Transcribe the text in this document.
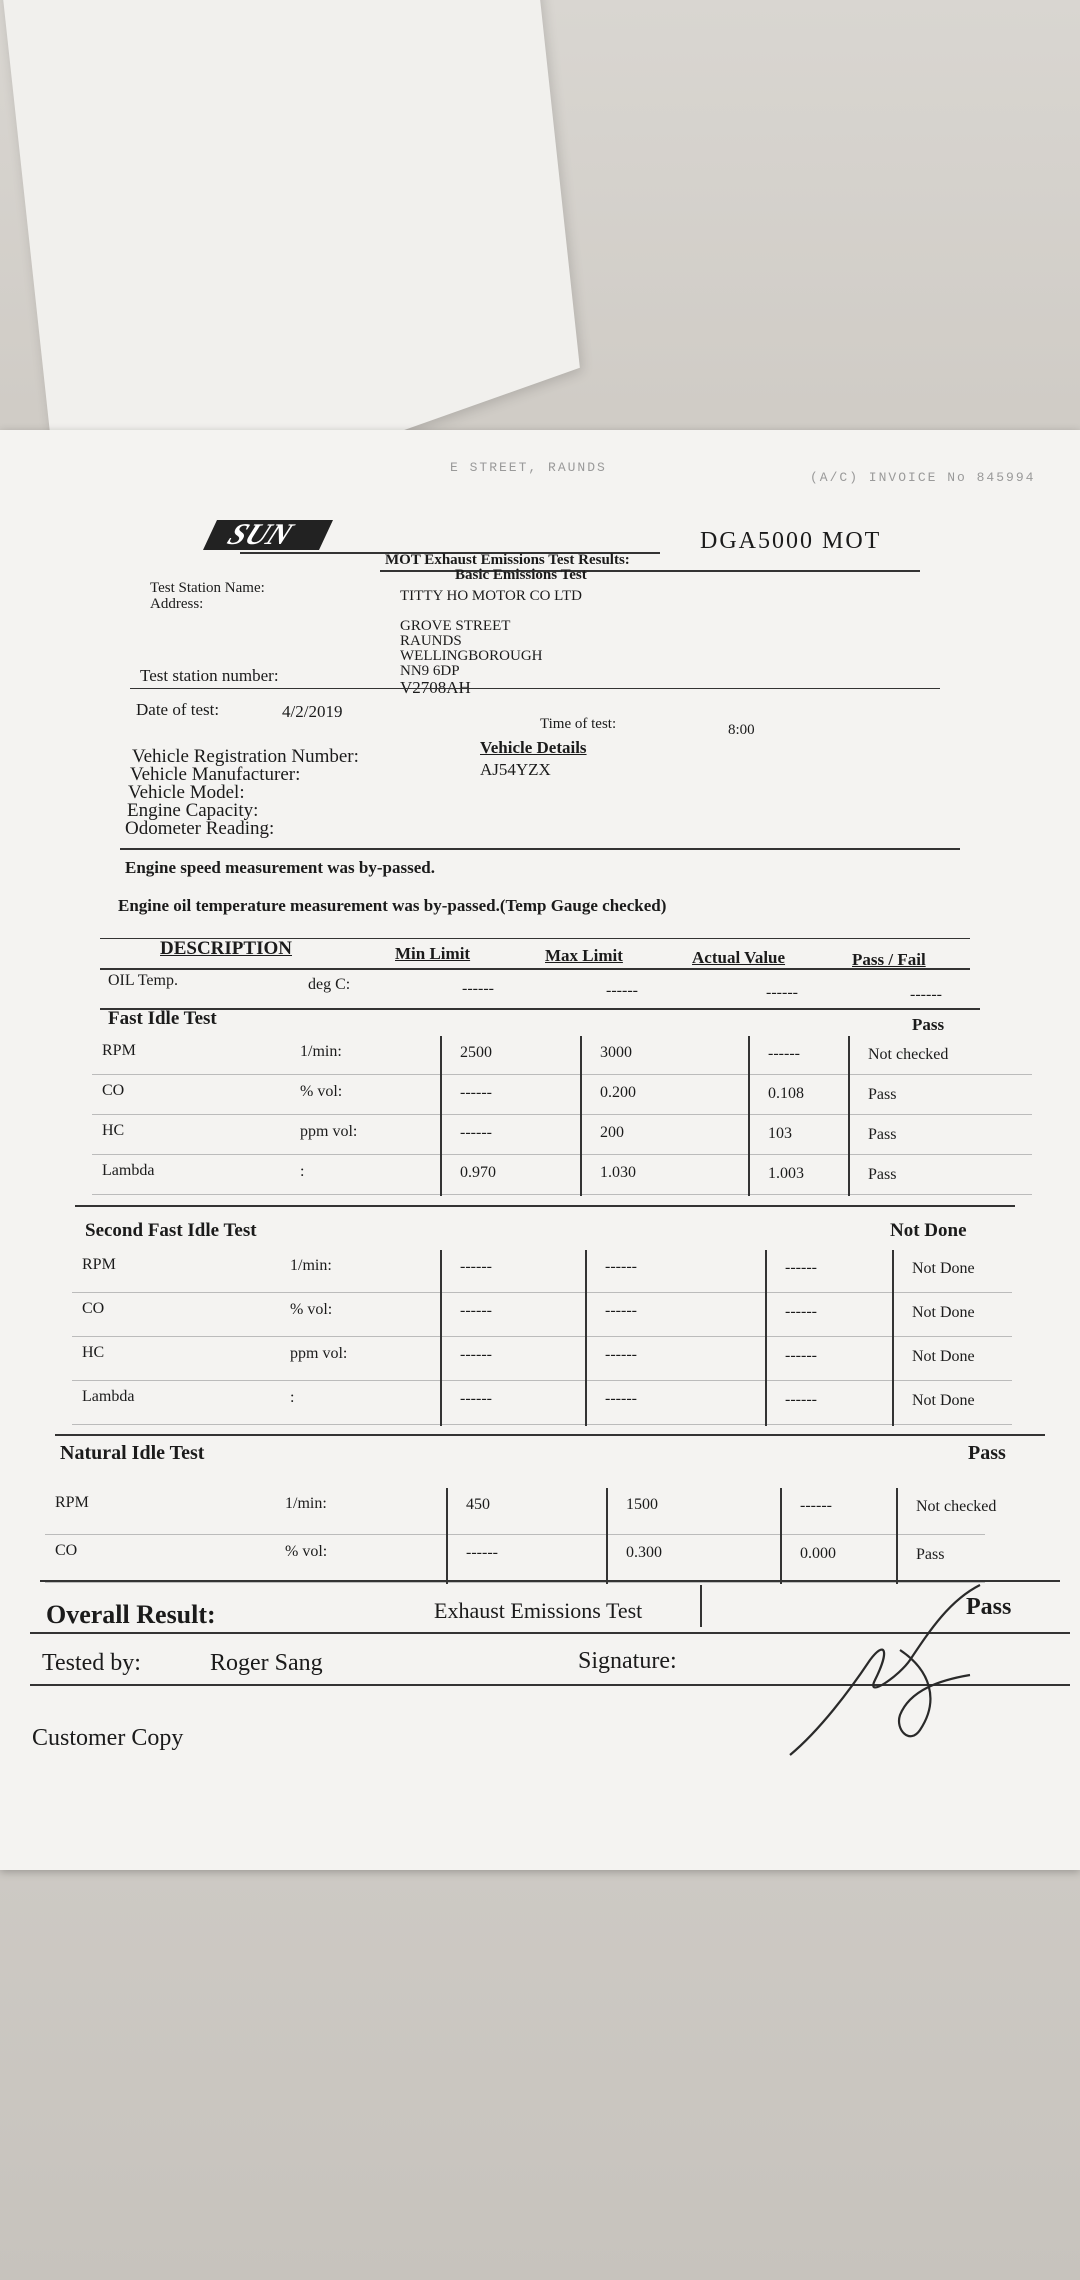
E STREET, RAUNDS
(A/C) INVOICE No 845994
SUN	DGA5000 MOT
MOT Exhaust Emissions Test Results:
Basic Emissions Test
Test Station Name:
Address:	TITTY HO MOTOR CO LTD
GROVE STREET
RAUNDS
WELLINGBOROUGH
NN9 6DP
Test station number:
V2708AH
Date of test:	4/2/2019
Time of test:	8:00
Vehicle Details
AJ54YZX
Vehicle Registration Number:
Vehicle Manufacturer:
Vehicle Model:
Engine Capacity:
Odometer Reading:
Engine speed measurement was by-passed.
Engine oil temperature measurement was by-passed.(Temp Gauge checked)
DESCRIPTION	Min Limit	Max Limit	Actual Value	Pass / Fail
OIL Temp.	deg C:	------	------	------	------
Fast Idle Test	Pass
RPM	1/min:	2500	3000	------	Not checked
CO	% vol:	------	0.200	0.108	Pass
HC	ppm vol:	------	200	103	Pass
Lambda	:	0.970	1.030	1.003	Pass
Second Fast Idle Test	Not Done
RPM	1/min:	------	------	------	Not Done
CO	% vol:	------	------	------	Not Done
HC	ppm vol:	------	------	------	Not Done
Lambda	:	------	------	------	Not Done
Natural Idle Test	Pass
RPM	1/min:	450	1500	------	Not checked
CO	% vol:	------	0.300	0.000	Pass
Overall Result:	Exhaust Emissions Test	Pass
Tested by:	Roger Sang	Signature:
Customer Copy
